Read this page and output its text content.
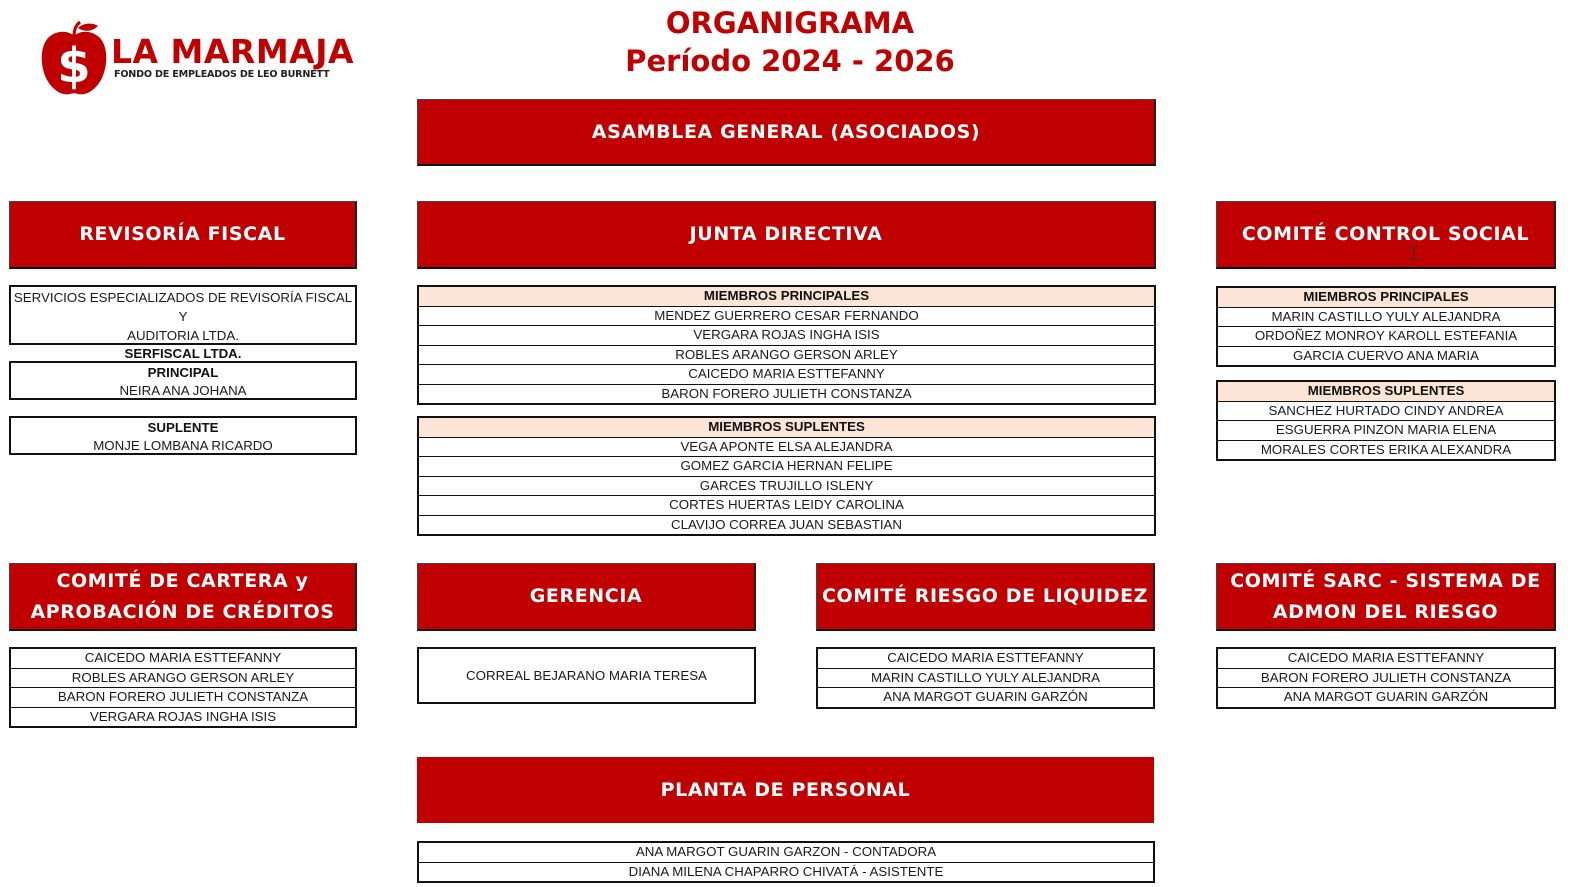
$ LA MARMAJA
FONDO DE EMPLEADOS DE LEO BURNETT
ORGANIGRAMA
Período 2024 - 2026
ASAMBLEA GENERAL (ASOCIADOS)
REVISORÍA FISCAL
SERVICIOS ESPECIALIZADOS DE REVISORÍA FISCAL Y
AUDITORIA LTDA.
SERFISCAL LTDA.
PRINCIPAL
NEIRA ANA JOHANA
SUPLENTE
MONJE LOMBANA RICARDO
JUNTA DIRECTIVA
MIEMBROS PRINCIPALES
MENDEZ GUERRERO CESAR FERNANDO
VERGARA ROJAS INGHA ISIS
ROBLES ARANGO GERSON ARLEY
CAICEDO MARIA ESTTEFANNY
BARON FORERO JULIETH CONSTANZA
MIEMBROS SUPLENTES
VEGA APONTE ELSA ALEJANDRA
GOMEZ GARCIA HERNAN FELIPE
GARCES TRUJILLO ISLENY
CORTES HUERTAS LEIDY CAROLINA
CLAVIJO CORREA JUAN SEBASTIAN
COMITÉ CONTROL SOCIAL
MIEMBROS PRINCIPALES
MARIN CASTILLO YULY ALEJANDRA
ORDOÑEZ MONROY KAROLL ESTEFANIA
GARCIA CUERVO ANA MARIA
MIEMBROS SUPLENTES
SANCHEZ HURTADO CINDY ANDREA
ESGUERRA PINZON MARIA ELENA
MORALES CORTES ERIKA ALEXANDRA
⌶
COMITÉ DE CARTERA y
APROBACIÓN DE CRÉDITOS
CAICEDO MARIA ESTTEFANNY
ROBLES ARANGO GERSON ARLEY
BARON FORERO JULIETH CONSTANZA
VERGARA ROJAS INGHA ISIS
GERENCIA
CORREAL BEJARANO MARIA TERESA
COMITÉ RIESGO DE LIQUIDEZ
CAICEDO MARIA ESTTEFANNY
MARIN CASTILLO YULY ALEJANDRA
ANA MARGOT GUARIN GARZÓN
COMITÉ SARC - SISTEMA DE
ADMON DEL RIESGO
CAICEDO MARIA ESTTEFANNY
BARON FORERO JULIETH CONSTANZA
ANA MARGOT GUARIN GARZÓN
PLANTA DE PERSONAL
ANA MARGOT GUARIN GARZON - CONTADORA
DIANA MILENA CHAPARRO CHIVATÁ - ASISTENTE
